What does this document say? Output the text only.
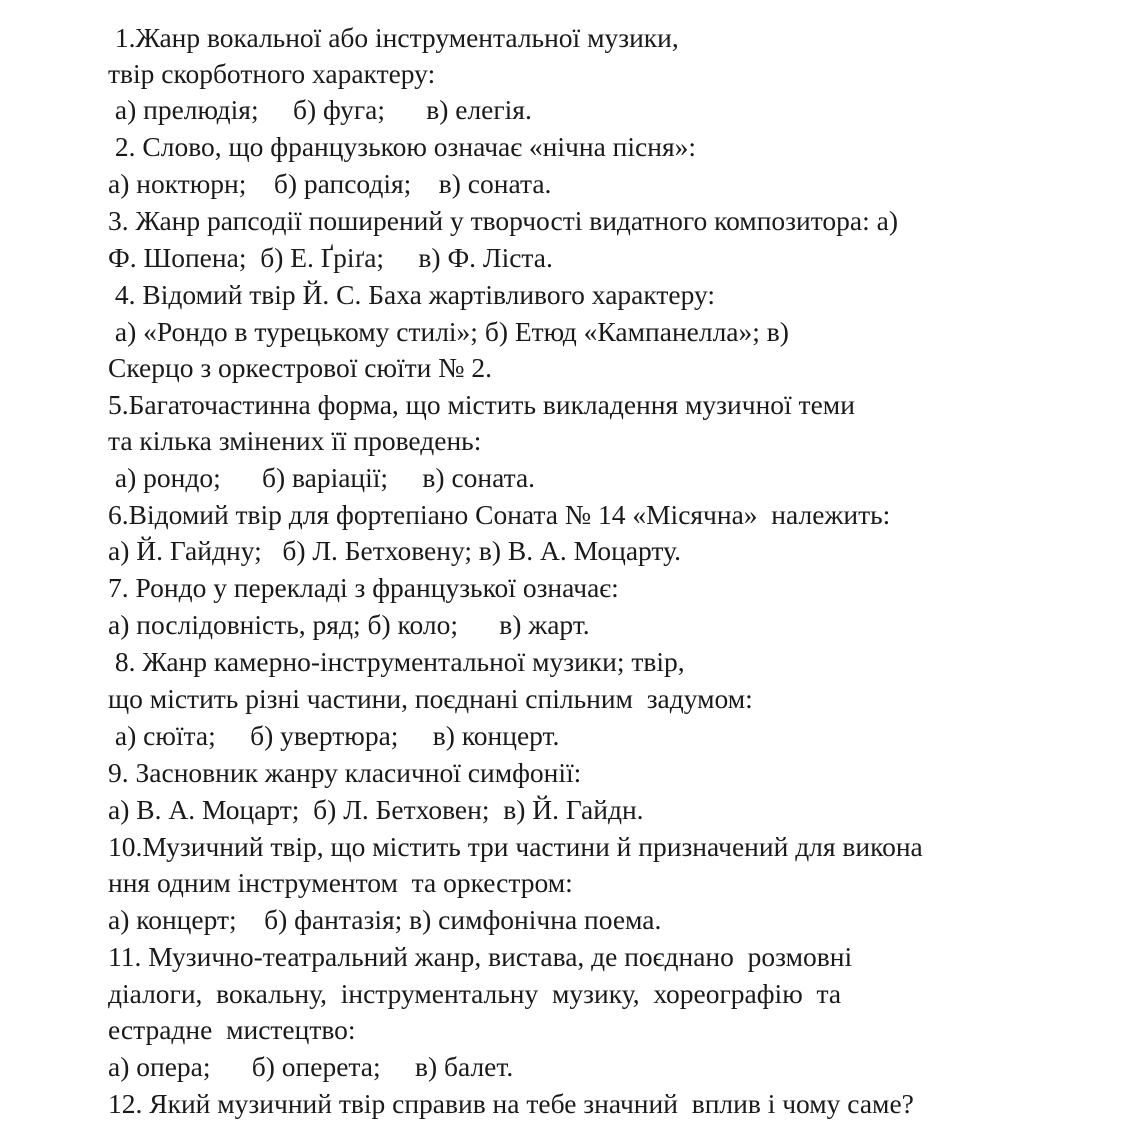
1.Жанр вокальної або інструментальної музики,
твір скорботного характеру:
а) прелюдія;     б) фуга;      в) елегія.
2. Слово, що французькою означає «нічна пісня»:
а) ноктюрн;    б) рапсодія;    в) соната.
3. Жанр рапсодії поширений у творчості видатного композитора: а)
Ф. Шопена;  б) Е. Ґріґа;     в) Ф. Ліста.
4. Відомий твір Й. С. Баха жартівливого характеру:
а) «Рондо в турецькому стилі»; б) Етюд «Кампанелла»; в)
Скерцо з оркестрової сюїти № 2.
5.Багаточастинна форма, що містить викладення музичної теми
та кілька змінених її проведень:
а) рондо;      б) варіації;     в) соната.
6.Відомий твір для фортепіано Соната № 14 «Місячна»  належить:
а) Й. Гайдну;   б) Л. Бетховену; в) В. А. Моцарту.
7. Рондо у перекладі з французької означає:
а) послідовність, ряд; б) коло;      в) жарт.
8. Жанр камерно-інструментальної музики; твір,
що містить різні частини, поєднані спільним  задумом:
а) сюїта;     б) увертюра;     в) концерт.
9. Засновник жанру класичної симфонії:
а) В. А. Моцарт;  б) Л. Бетховен;  в) Й. Гайдн.
10.Музичний твір, що містить три частини й призначений для викона
ння одним інструментом  та оркестром:
а) концерт;    б) фантазія; в) симфонічна поема.
11. Музично-театральний жанр, вистава, де поєднано  розмовні
діалоги,  вокальну,  інструментальну  музику,  хореографію  та
естрадне  мистецтво:
а) опера;      б) оперета;     в) балет.
12. Який музичний твір справив на тебе значний  вплив і чому саме?
